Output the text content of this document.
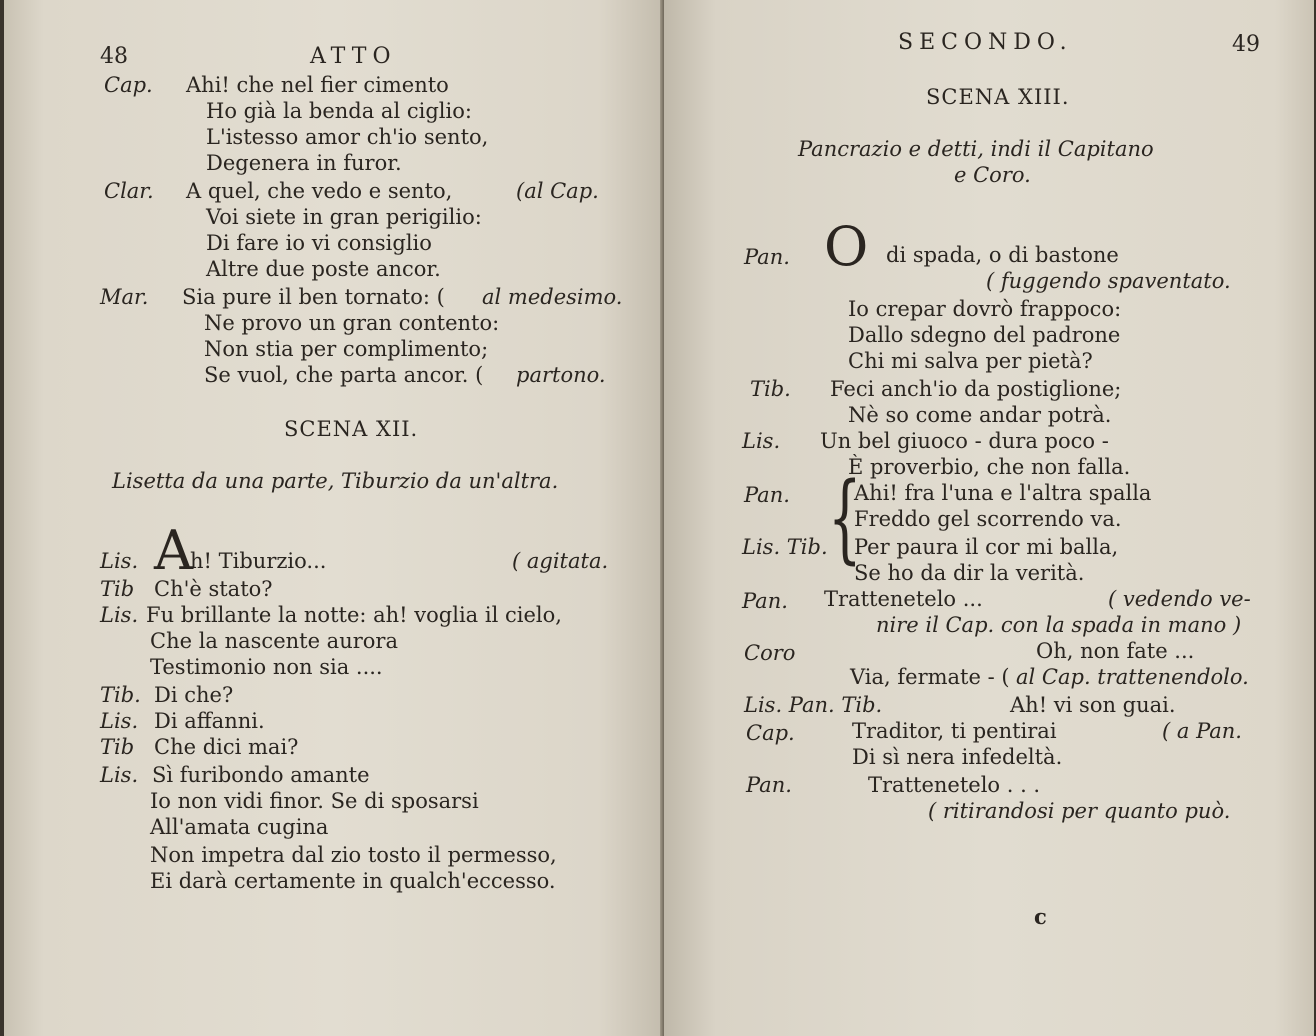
48	ATTO
Cap. Ahi! che nel fier cimento
Ho già la benda al ciglio:
L'istesso amor ch'io sento,
Degenera in furor.
Clar. A quel, che vedo e sento,	(al Cap.
Voi siete in gran perigilio:
Di fare io vi consiglio
Altre due poste ancor.
Mar. Sia pure il ben tornato: ( al medesimo.
Ne provo un gran contento:
Non stia per complimento;
Se vuol, che parta ancor. ( partono.
SCENA XII.
Lisetta da una parte, Tiburzio da un'altra.
Lis. A
h! Tiburzio...	( agitata.
Tib Ch'è stato?
Lis. Fu brillante la notte: ah! voglia il cielo,
Che la nascente aurora
Testimonio non sia ....
Tib. Di che?
Lis. Di affanni.
Tib Che dici mai?
Lis. Sì furibondo amante
Io non vidi finor. Se di sposarsi
All'amata cugina
Non impetra dal zio tosto il permesso,
Ei darà certamente in qualch'eccesso.
SECONDO.	49
SCENA XIII.
Pancrazio e detti, indi il Capitano
e Coro.
Pan. O di spada, o di bastone
( fuggendo spaventato.
Io crepar dovrò frappoco:
Dallo sdegno del padrone
Chi mi salva per pietà?
Tib. Feci anch'io da postiglione;
Nè so come andar potrà.
Lis. Un bel giuoco - dura poco -
È proverbio, che non falla.
{
Pan.	Ahi! fra l'una e l'altra spalla
Freddo gel scorrendo va.
Lis. Tib. Per paura il cor mi balla,
Se ho da dir la verità.
Pan. Trattenetelo ...	( vedendo ve-
nire il Cap. con la spada in mano )
Coro	Oh, non fate ...
Via, fermate - ( al Cap. trattenendolo.
Lis. Pan. Tib.	Ah! vi son guai.
Cap.	Traditor, ti pentirai	( a Pan.
Di sì nera infedeltà.
Pan.	Trattenetelo . . .
( ritirandosi per quanto può.
c
